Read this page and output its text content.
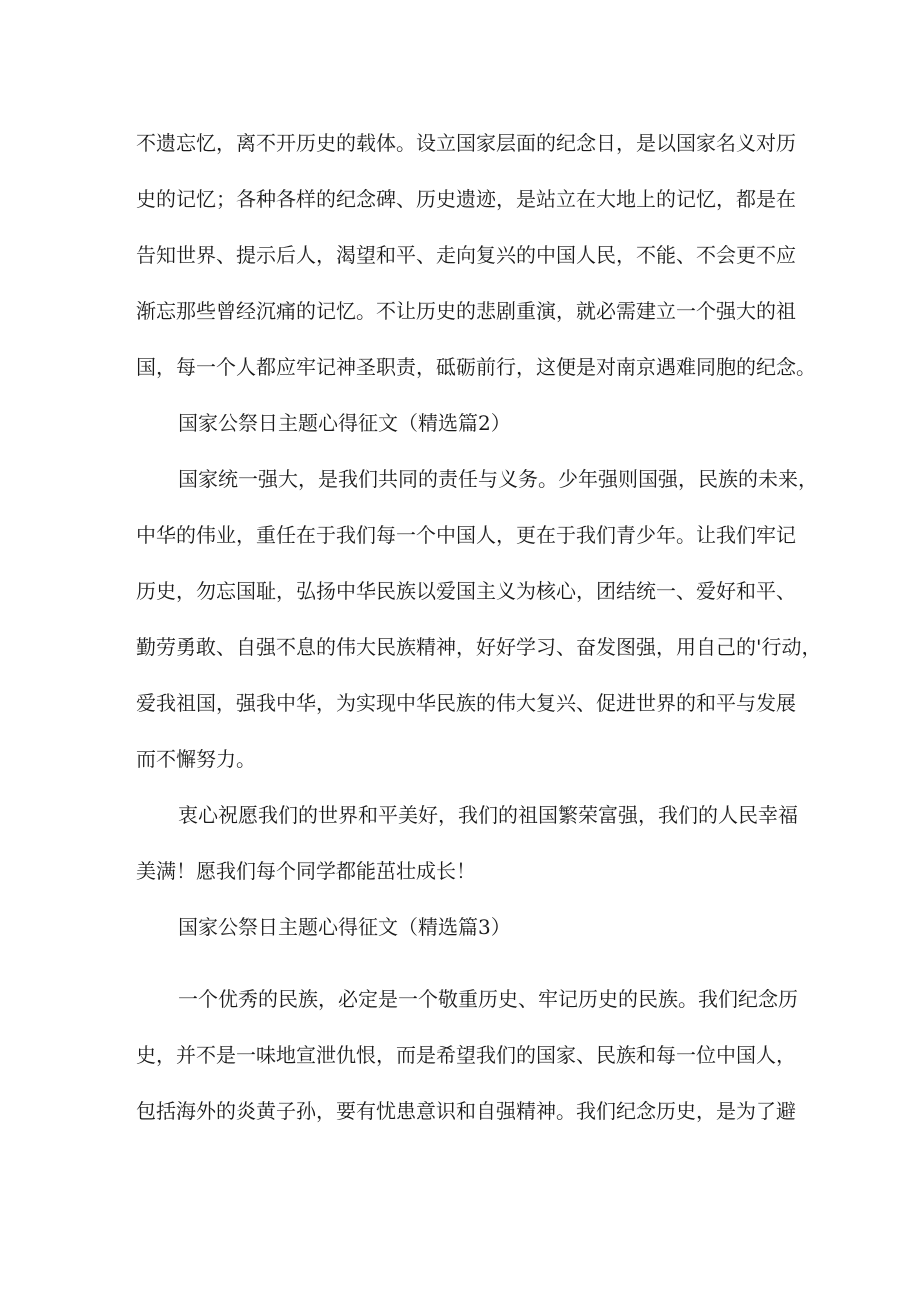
不遗忘忆，离不开历史的载体。设立国家层面的纪念日，是以国家名义对历
史的记忆；各种各样的纪念碑、历史遗迹，是站立在大地上的记忆，都是在
告知世界、提示后人，渴望和平、走向复兴的中国人民，不能、不会更不应
渐忘那些曾经沉痛的记忆。不让历史的悲剧重演，就必需建立一个强大的祖
国，每一个人都应牢记神圣职责，砥砺前行，这便是对南京遇难同胞的纪念。
国家公祭日主题心得征文（精选篇2）
国家统一强大，是我们共同的责任与义务。少年强则国强，民族的未来，
中华的伟业，重任在于我们每一个中国人，更在于我们青少年。让我们牢记
历史，勿忘国耻，弘扬中华民族以爱国主义为核心，团结统一、爱好和平、
勤劳勇敢、自强不息的伟大民族精神，好好学习、奋发图强，用自己的'行动，
爱我祖国，强我中华，为实现中华民族的伟大复兴、促进世界的和平与发展
而不懈努力。
衷心祝愿我们的世界和平美好，我们的祖国繁荣富强，我们的人民幸福
美满！愿我们每个同学都能茁壮成长！
国家公祭日主题心得征文（精选篇3）
一个优秀的民族，必定是一个敬重历史、牢记历史的民族。我们纪念历
史，并不是一味地宣泄仇恨，而是希望我们的国家、民族和每一位中国人，
包括海外的炎黄子孙，要有忧患意识和自强精神。我们纪念历史，是为了避
